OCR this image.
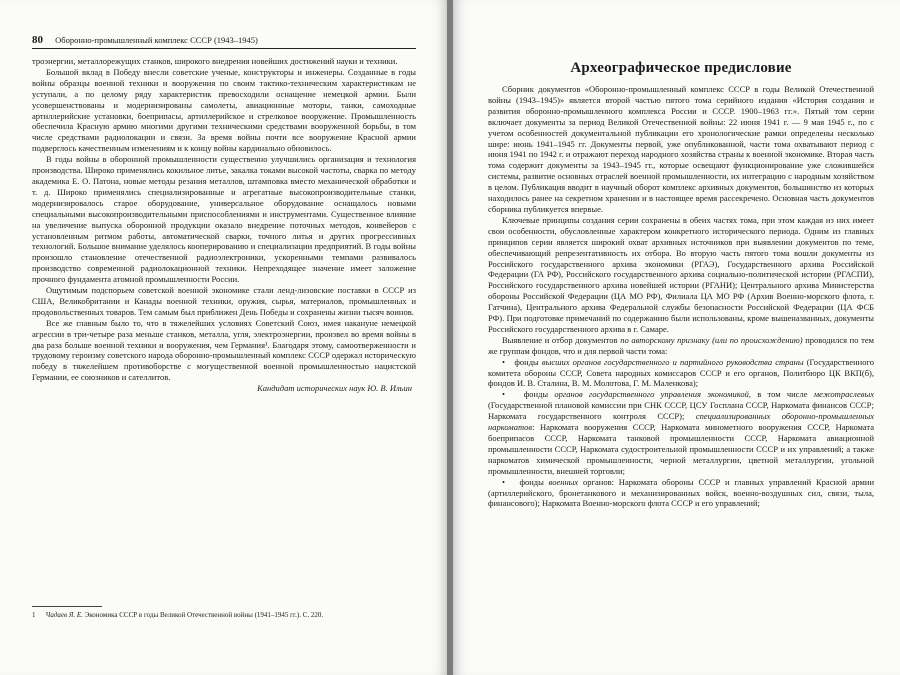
80 Оборонно-промышленный комплекс СССР (1943–1945)

троэнергии, металлорежущих станков, широкого внедрения новейших достижений науки и техники.

Большой вклад в Победу внесли советские ученые, конструкторы и инженеры. Созданные в годы войны образцы военной техники и вооружения по своим тактико-техническим характеристикам не уступали, а по целому ряду характеристик превосходили оснащение немецкой армии. Были усовершенствованы и модернизированы самолеты, авиационные моторы, танки, самоходные артиллерийские установки, боеприпасы, артиллерийское и стрелковое вооружение. Промышленность обеспечила Красную армию многими другими техническими средствами вооруженной борьбы, в том числе средствами радиолокации и связи. За время войны почти все вооружение Красной армии подверглось качественным изменениям и к концу войны кардинально обновилось.

В годы войны в оборонной промышленности существенно улучшились организация и технология производства. Широко применялись кокильное литье, закалка токами высокой частоты, сварка по методу академика Е. О. Патона, новые методы резания металлов, штамповка вместо механической обработки и т. д. Широко применялись специализированные и агрегатные высокопроизводительные станки, модернизировалось старое оборудование, универсальное оборудование оснащалось новыми специальными высокопроизводительными приспособлениями и инструментами. Существенное влияние на увеличение выпуска оборонной продукции оказало внедрение поточных методов, конвейеров с установленным ритмом работы, автоматической сварки, точного литья и других прогрессивных технологий. Большое внимание уделялось кооперированию и специализации предприятий. В годы войны произошло становление отечественной радиоэлектроники, ускоренными темпами развивалось производство современной радиолокационной техники. Непреходящее значение имеет заложение прочного фундамента атомной промышленности России.

Ощутимым подспорьем советской военной экономике стали ленд-лизовские поставки в СССР из США, Великобритании и Канады военной техники, оружия, сырья, материалов, промышленных и продовольственных товаров. Тем самым был приближен День Победы и сохранены жизни тысяч воинов.

Все же главным было то, что в тяжелейших условиях Советский Союз, имея накануне немецкой агрессии в три-четыре раза меньше станков, металла, угля, электроэнергии, произвел во время войны в два раза больше военной техники и вооружения, чем Германия¹. Благодаря этому, самоотверженности и трудовому героизму советского народа оборонно-промышленный комплекс СССР одержал историческую победу в тяжелейшем противоборстве с могущественной военной промышленностью нацистской Германии, ее союзников и сателлитов.

Кандидат исторических наук Ю. В. Ильин

1 Чадаев Я. Е. Экономика СССР в годы Великой Отечественной войны (1941–1945 гг.). С. 220.
Археографическое предисловие

Сборник документов «Оборонно-промышленный комплекс СССР в годы Великой Отечественной войны (1943–1945)» является второй частью пятого тома серийного издания «История создания и развития оборонно-промышленного комплекса России и СССР. 1900–1963 гг.». Пятый том серии включает документы за период Великой Отечественной войны: 22 июня 1941 г. — 9 мая 1945 г., по с учетом особенностей документальной публикации его хронологические рамки определены несколько шире: июнь 1941–1945 гг. Документы первой, уже опубликованной, части тома охватывают период с июня 1941 по 1942 г. и отражают переход народного хозяйства страны к военной экономике. Вторая часть тома содержит документы за 1943–1945 гг., которые освещают функционирование уже сложившейся системы, развитие основных отраслей военной промышленности, их интеграцию с народным хозяйством в целом. Публикация вводит в научный оборот комплекс архивных документов, большинство из которых находилось ранее на секретном хранении и в настоящее время рассекречено. Основная часть документов сборника публикуется впервые.

Ключевые принципы создания серии сохранены в обеих частях тома, при этом каждая из них имеет свои особенности, обусловленные характером конкретного исторического периода. Одним из главных принципов серии является широкий охват архивных источников при выявлении документов по теме, обеспечивающий репрезентативность их отбора. Во вторую часть пятого тома вошли документы из Российского государственного архива экономики (РГАЭ), Государственного архива Российской Федерации (ГА РФ), Российского государственного архива социально-политической истории (РГАСПИ), Российского государственного архива новейшей истории (РГАНИ); Центрального архива Министерства обороны Российской Федерации (ЦА МО РФ), Филиала ЦА МО РФ (Архив Военно-морского флота, г. Гатчина), Центрального архива Федеральной службы безопасности Российской Федерации (ЦА ФСБ РФ). При подготовке примечаний по содержанию были использованы, кроме вышеназванных, документы Российского государственного архива в г. Самаре.

Выявление и отбор документов по авторскому признаку (или по происхождению) проводился по тем же группам фондов, что и для первой части тома:

• фонды высших органов государственного и партийного руководства страны (Государственного комитета обороны СССР, Совета народных комиссаров СССР и его органов, Политбюро ЦК ВКП(б), фондов И. В. Сталина, В. М. Молотова, Г. М. Маленкова);

• фонды органов государственного управления экономикой, в том числе межотраслевых (Государственной плановой комиссии при СНК СССР, ЦСУ Госплана СССР, Наркомата финансов СССР; Наркомата государственного контроля СССР); специализированных оборонно-промышленных наркоматов: Наркомата вооружения СССР, Наркомата минометного вооружения СССР, Наркомата боеприпасов СССР, Наркомата танковой промышленности СССР, Наркомата авиационной промышленности СССР, Наркомата судостроительной промышленности СССР и их управлений; а также наркоматов химической промышленности, черной металлургии, цветной металлургии, угольной промышленности, внешней торговли;

• фонды военных органов: Наркомата обороны СССР и главных управлений Красной армии (артиллерийского, бронетанкового и механизированных войск, военно-воздушных сил, связи, тыла, финансового); Наркомата Военно-морского флота СССР и его управлений;
